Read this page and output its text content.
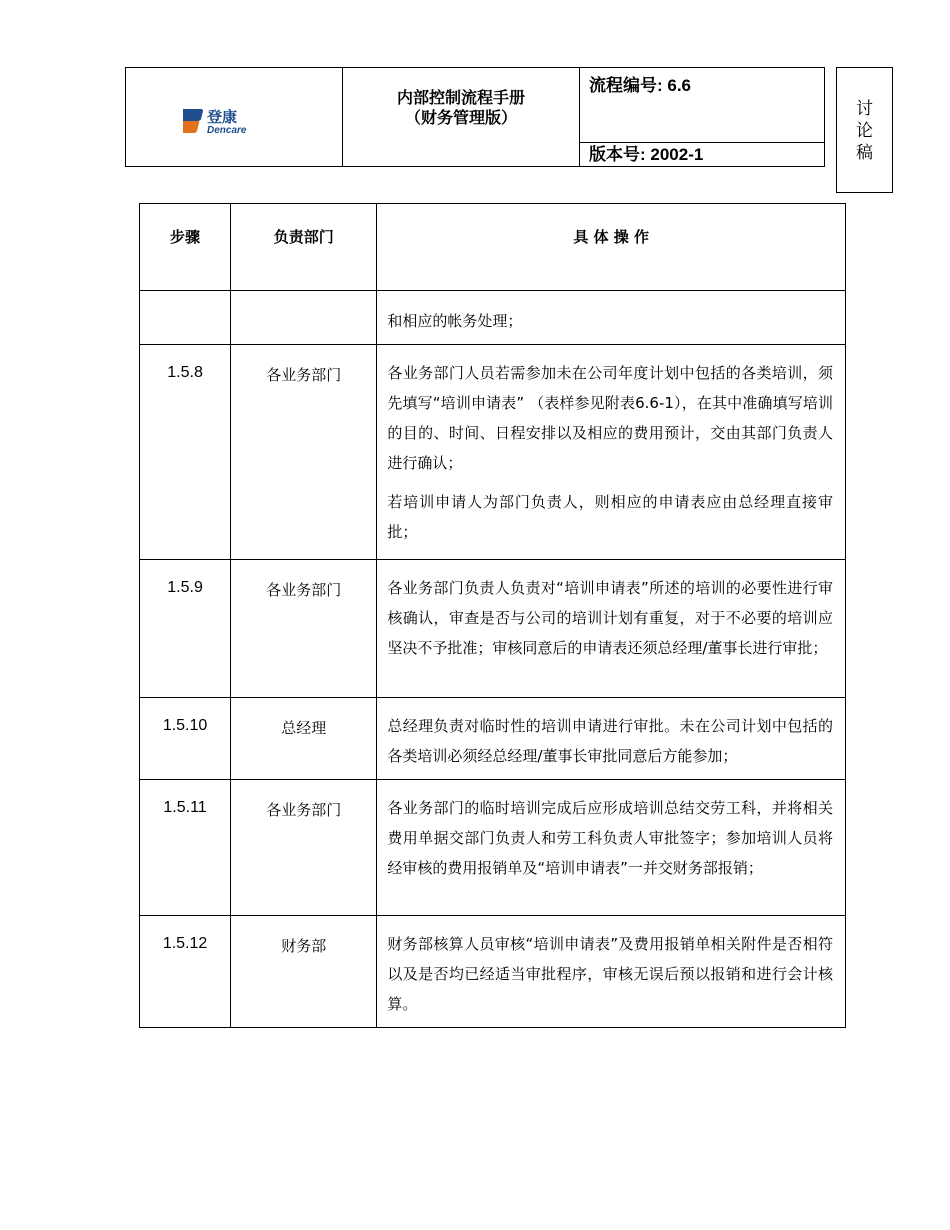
登康
Dencare

内部控制流程手册
（财务管理版）
	流程编号: 6.6
版本号: 2002-1
讨
论
稿
步骤	负责部门	具 体 操 作

		和相应的帐务处理；

1.5.8	各业务部门	各业务部门人员若需参加未在公司年度计划中包括的各类培训，须先填写“培训申请表” （表样参见附表6.6-1），在其中准确填写培训的目的、时间、日程安排以及相应的费用预计，交由其部门负责人进行确认；

若培训申请人为部门负责人，则相应的申请表应由总经理直接审批；

1.5.9	各业务部门	各业务部门负责人负责对“培训申请表”所述的培训的必要性进行审核确认，审查是否与公司的培训计划有重复，对于不必要的培训应坚决不予批准；审核同意后的申请表还须总经理/董事长进行审批；

1.5.10	总经理	总经理负责对临时性的培训申请进行审批。未在公司计划中包括的各类培训必须经总经理/董事长审批同意后方能参加；

1.5.11	各业务部门	各业务部门的临时培训完成后应形成培训总结交劳工科，并将相关费用单据交部门负责人和劳工科负责人审批签字；参加培训人员将经审核的费用报销单及“培训申请表”一并交财务部报销；

1.5.12	财务部	财务部核算人员审核“培训申请表”及费用报销单相关附件是否相符以及是否均已经适当审批程序，审核无误后预以报销和进行会计核算。
